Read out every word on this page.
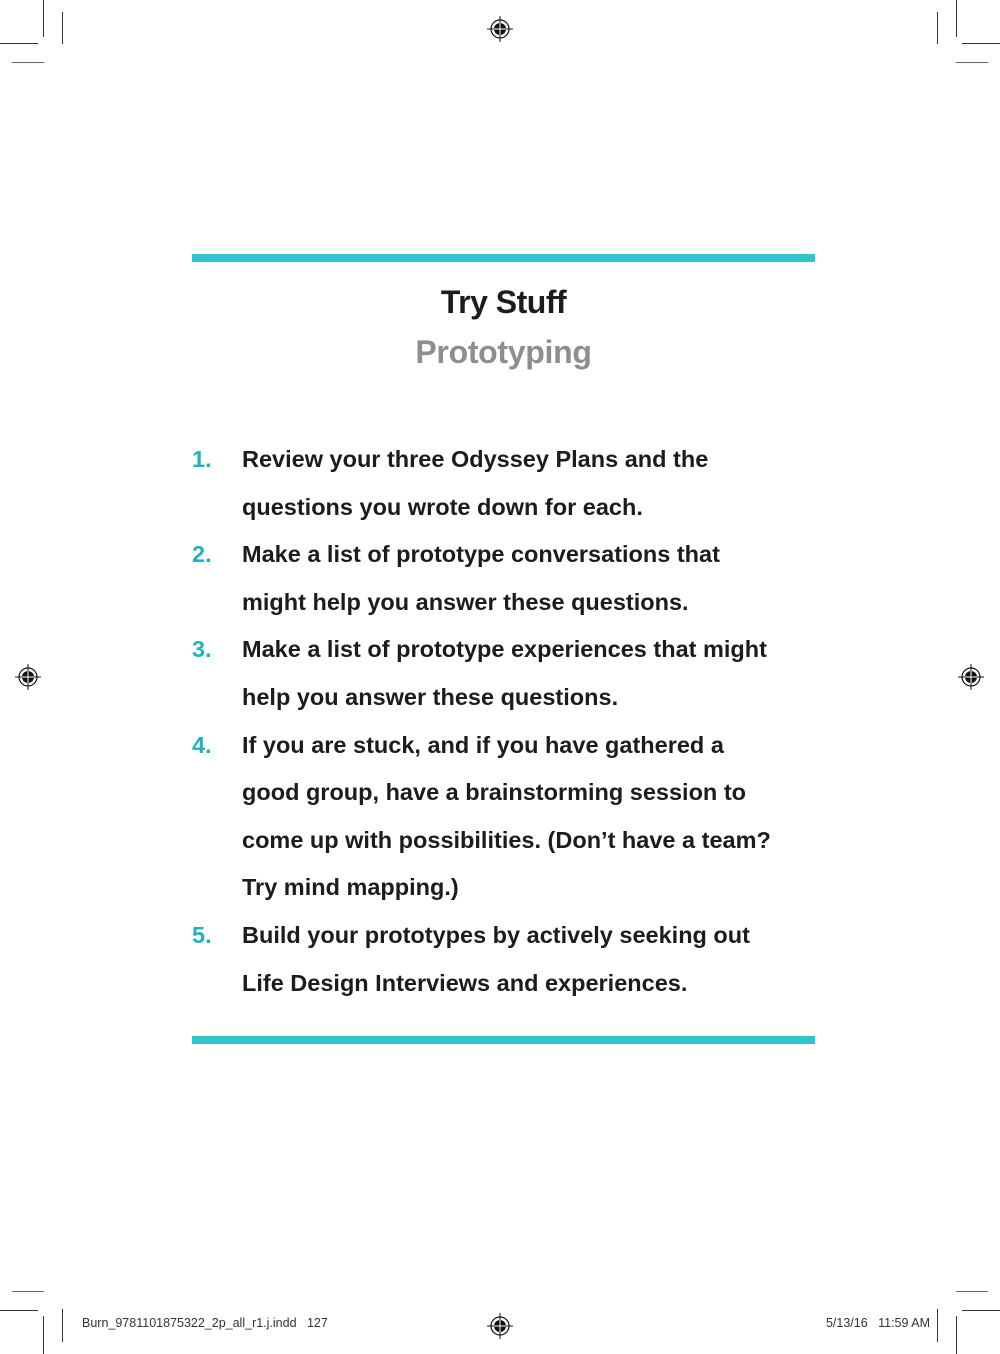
Try Stuff
Prototyping
1. Review your three Odyssey Plans and the
questions you wrote down for each.
2. Make a list of prototype conversations that
might help you answer these questions.
3. Make a list of prototype experiences that might
help you answer these questions.
4. If you are stuck, and if you have gathered a
good group, have a brainstorming session to
come up with possibilities. (Don’t have a team?
Try mind mapping.)
5. Build your prototypes by actively seeking out
Life Design Interviews and experiences.
Burn_9781101875322_2p_all_r1.j.indd 127	5/13/16 11:59 AM
